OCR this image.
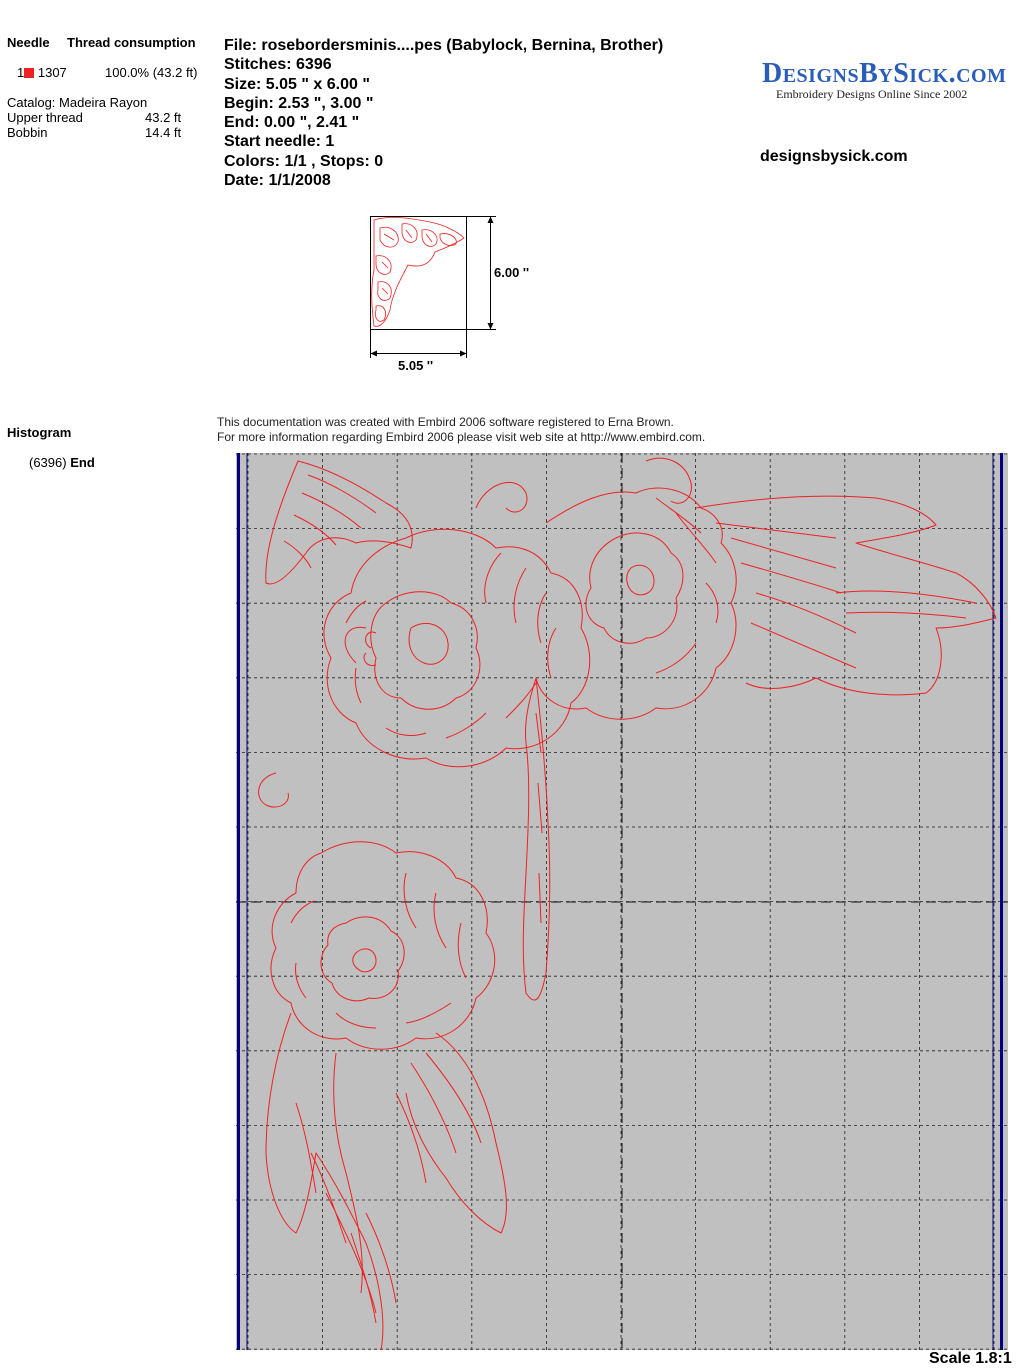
Needle Thread consumption
1 1307	100.0% (43.2 ft)
Catalog: Madeira Rayon
Upper thread	43.2 ft
Bobbin	14.4 ft
Histogram
(6396) End
File: rosebordersminis....pes (Babylock, Bernina, Brother)
Stitches: 6396
Size: 5.05 " x 6.00 "
Begin: 2.53 ", 3.00 "
End: 0.00 ", 2.41 "
Start needle: 1
Colors: 1/1 , Stops: 0
Date: 1/1/2008
DesignsBySick.com
Embroidery Designs Online Since 2002
designsbysick.com
6.00 ''
5.05 ''
This documentation was created with Embird 2006 software registered to Erna Brown.
For more information regarding Embird 2006 please visit web site at http://www.embird.com.
Scale 1.8:1
